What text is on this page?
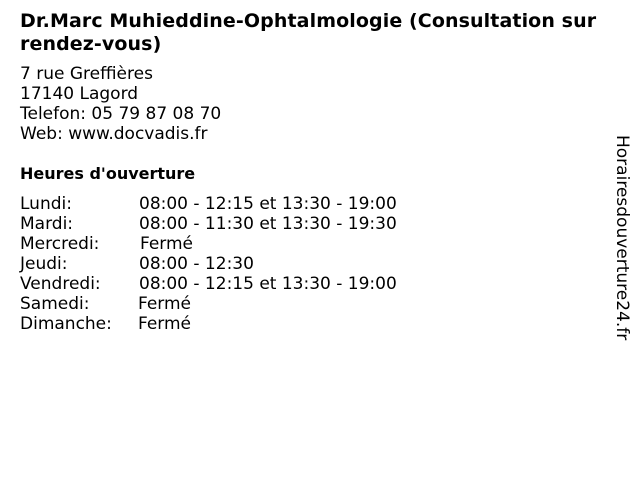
Dr.Marc Muhieddine-Ophtalmologie (Consultation sur rendez-vous)
7 rue Greffières
17140 Lagord
Telefon: 05 79 87 08 70
Web: www.docvadis.fr
Heures d'ouverture
Lundi:	08:00 - 12:15 et 13:30 - 19:00
Mardi:	08:00 - 11:30 et 13:30 - 19:30
Mercredi: Fermé
Jeudi:	08:00 - 12:30
Vendredi: 08:00 - 12:15 et 13:30 - 19:00
Samedi:	Fermé
Dimanche: Fermé	Horairesdouverture24.fr
